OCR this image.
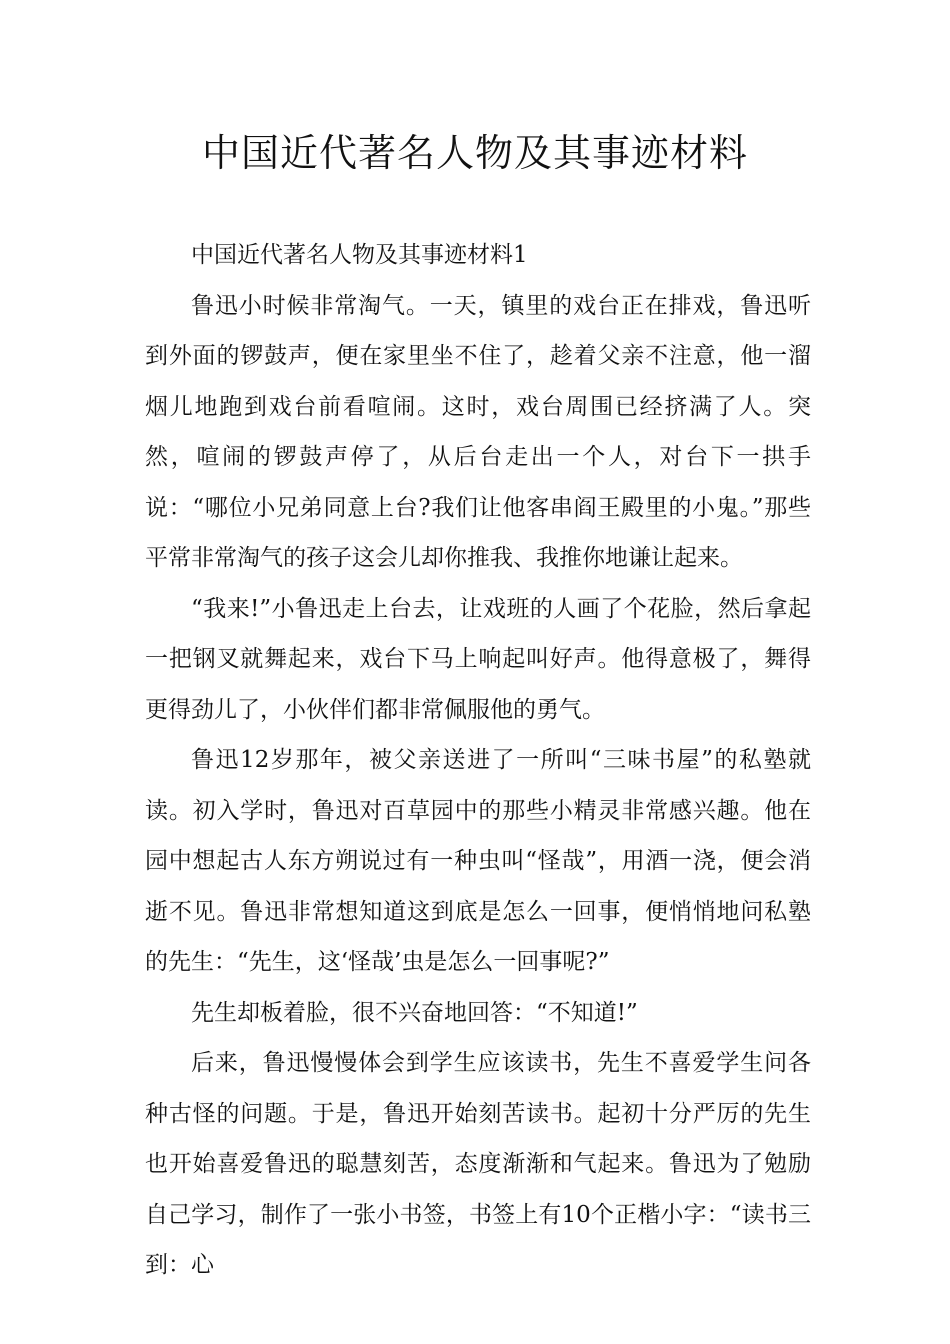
中国近代著名人物及其事迹材料

中国近代著名人物及其事迹材料1

鲁迅小时候非常淘气。一天，镇里的戏台正在排戏，鲁迅听到外面的锣鼓声，便在家里坐不住了，趁着父亲不注意，他一溜烟儿地跑到戏台前看喧闹。这时，戏台周围已经挤满了人。突然，喧闹的锣鼓声停了，从后台走出一个人，对台下一拱手说：“哪位小兄弟同意上台?我们让他客串阎王殿里的小鬼。”那些平常非常淘气的孩子这会儿却你推我、我推你地谦让起来。

“我来!”小鲁迅走上台去，让戏班的人画了个花脸，然后拿起一把钢叉就舞起来，戏台下马上响起叫好声。他得意极了，舞得更得劲儿了，小伙伴们都非常佩服他的勇气。

鲁迅12岁那年，被父亲送进了一所叫“三味书屋”的私塾就读。初入学时，鲁迅对百草园中的那些小精灵非常感兴趣。他在园中想起古人东方朔说过有一种虫叫“怪哉”，用酒一浇，便会消逝不见。鲁迅非常想知道这到底是怎么一回事，便悄悄地问私塾的先生：“先生，这‘怪哉’虫是怎么一回事呢?”

先生却板着脸，很不兴奋地回答：“不知道!”

后来，鲁迅慢慢体会到学生应该读书，先生不喜爱学生问各种古怪的问题。于是，鲁迅开始刻苦读书。起初十分严厉的先生也开始喜爱鲁迅的聪慧刻苦，态度渐渐和气起来。鲁迅为了勉励自己学习，制作了一张小书签，书签上有10个正楷小字：“读书三到：心
